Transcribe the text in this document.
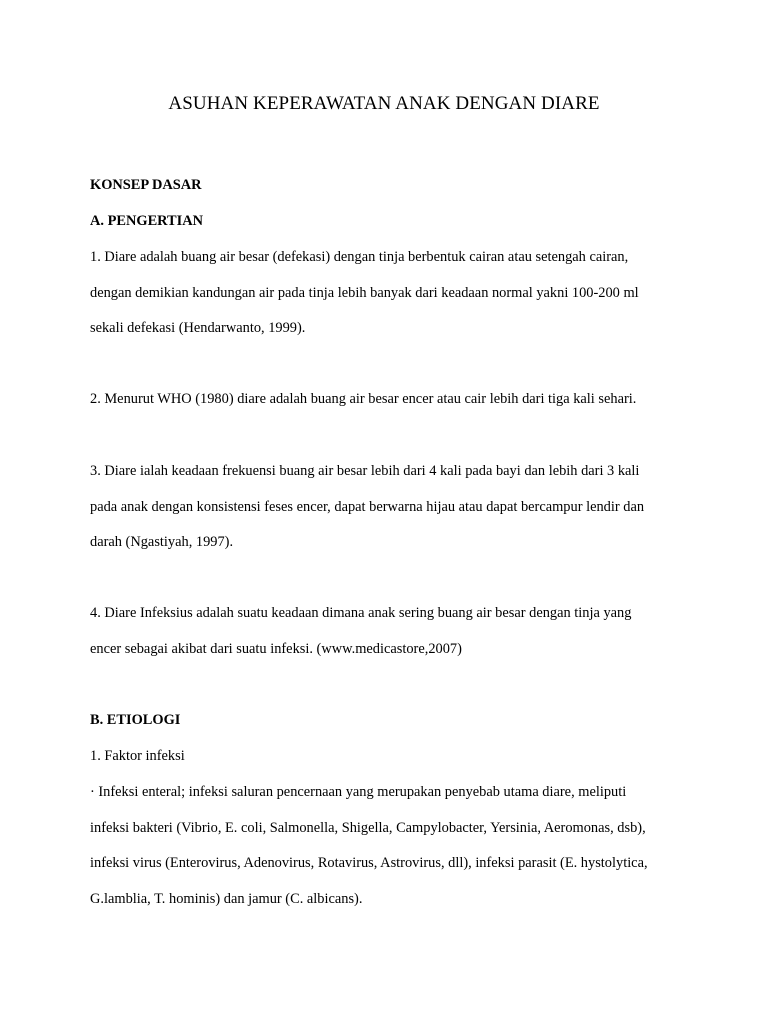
ASUHAN KEPERAWATAN ANAK DENGAN DIARE
KONSEP DASAR
A. PENGERTIAN
1. Diare adalah buang air besar (defekasi) dengan tinja berbentuk cairan atau setengah cairan,
dengan demikian kandungan air pada tinja lebih banyak dari keadaan normal yakni 100-200 ml
sekali defekasi (Hendarwanto, 1999).
2. Menurut WHO (1980) diare adalah buang air besar encer atau cair lebih dari tiga kali sehari.
3. Diare ialah keadaan frekuensi buang air besar lebih dari 4 kali pada bayi dan lebih dari 3 kali
pada anak dengan konsistensi feses encer, dapat berwarna hijau atau dapat bercampur lendir dan
darah (Ngastiyah, 1997).
4. Diare Infeksius adalah suatu keadaan dimana anak sering buang air besar dengan tinja yang
encer sebagai akibat dari suatu infeksi. (www.medicastore,2007)
B. ETIOLOGI
1. Faktor infeksi
· Infeksi enteral; infeksi saluran pencernaan yang merupakan penyebab utama diare, meliputi
infeksi bakteri (Vibrio, E. coli, Salmonella, Shigella, Campylobacter, Yersinia, Aeromonas, dsb),
infeksi virus (Enterovirus, Adenovirus, Rotavirus, Astrovirus, dll), infeksi parasit (E. hystolytica,
G.lamblia, T. hominis) dan jamur (C. albicans).
